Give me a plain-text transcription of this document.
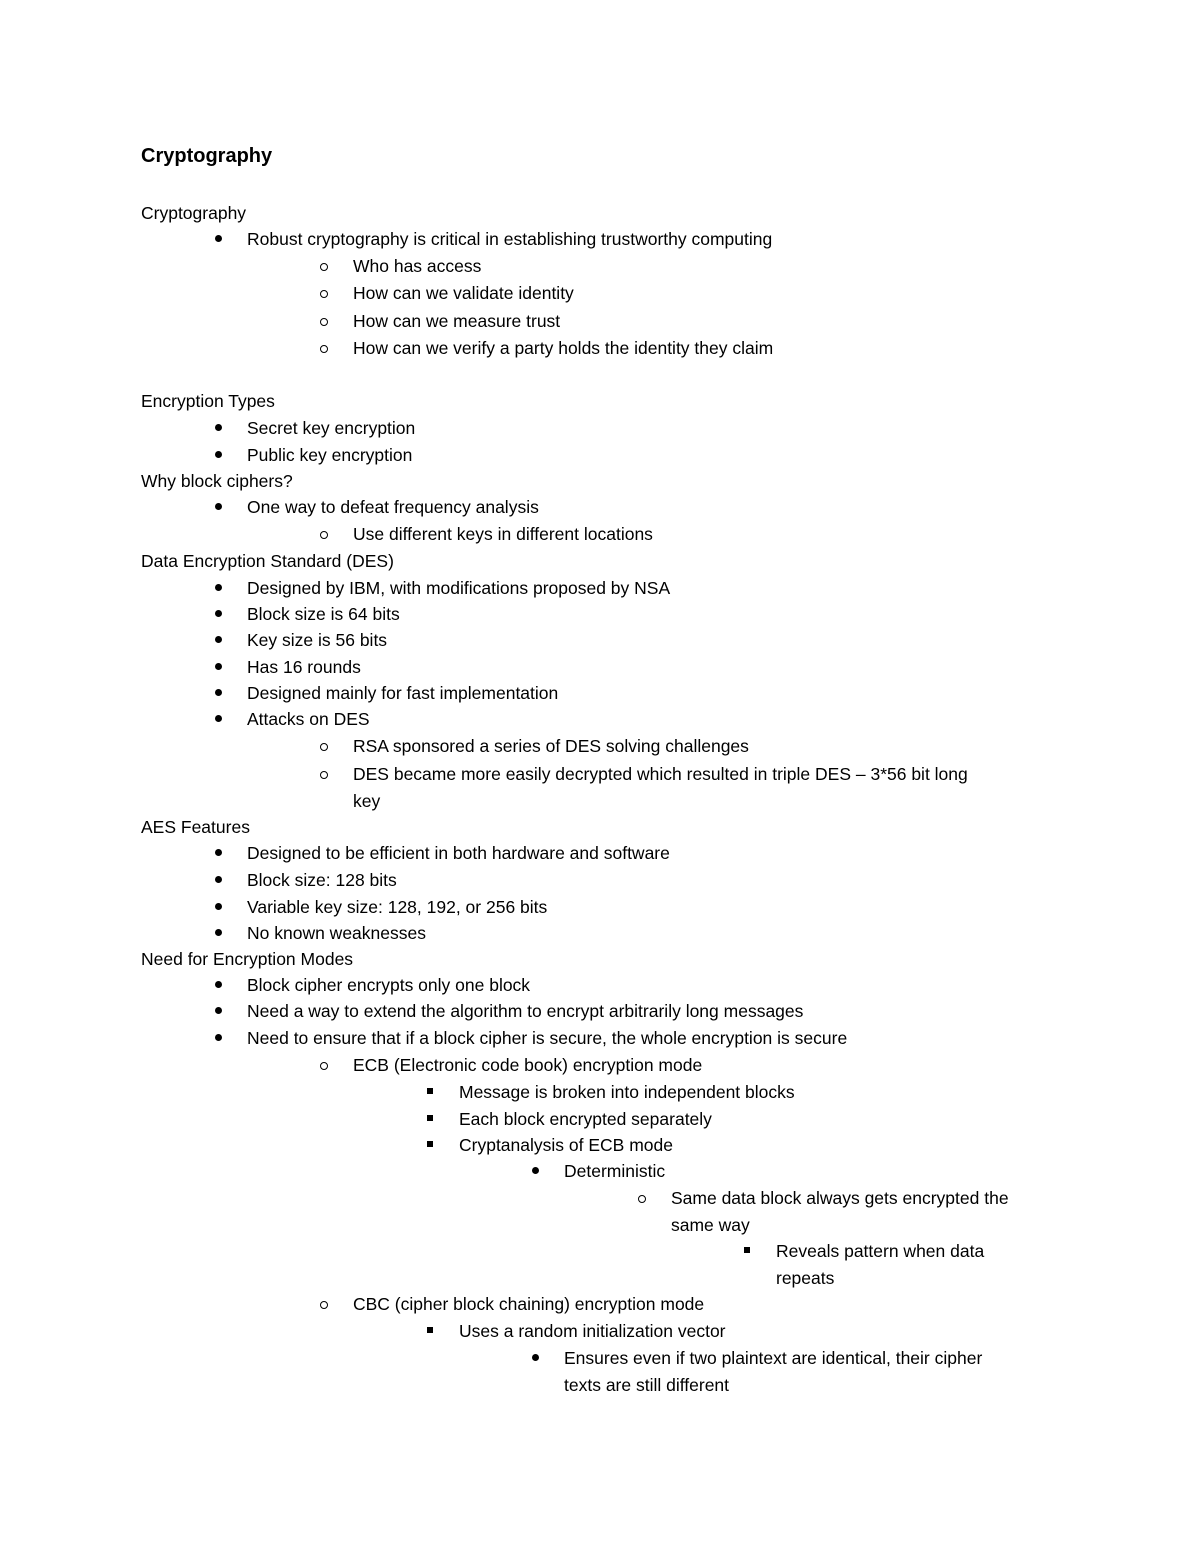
Cryptography
Cryptography
Robust cryptography is critical in establishing trustworthy computing
Who has access
How can we validate identity
How can we measure trust
How can we verify a party holds the identity they claim
Encryption Types
Secret key encryption
Public key encryption
Why block ciphers?
One way to defeat frequency analysis
Use different keys in different locations
Data Encryption Standard (DES)
Designed by IBM, with modifications proposed by NSA
Block size is 64 bits
Key size is 56 bits
Has 16 rounds
Designed mainly for fast implementation
Attacks on DES
RSA sponsored a series of DES solving challenges
DES became more easily decrypted which resulted in triple DES – 3*56 bit long
key
AES Features
Designed to be efficient in both hardware and software
Block size: 128 bits
Variable key size: 128, 192, or 256 bits
No known weaknesses
Need for Encryption Modes
Block cipher encrypts only one block
Need a way to extend the algorithm to encrypt arbitrarily long messages
Need to ensure that if a block cipher is secure, the whole encryption is secure
ECB (Electronic code book) encryption mode
Message is broken into independent blocks
Each block encrypted separately
Cryptanalysis of ECB mode
Deterministic
Same data block always gets encrypted the
same way
Reveals pattern when data
repeats
CBC (cipher block chaining) encryption mode
Uses a random initialization vector
Ensures even if two plaintext are identical, their cipher
texts are still different
